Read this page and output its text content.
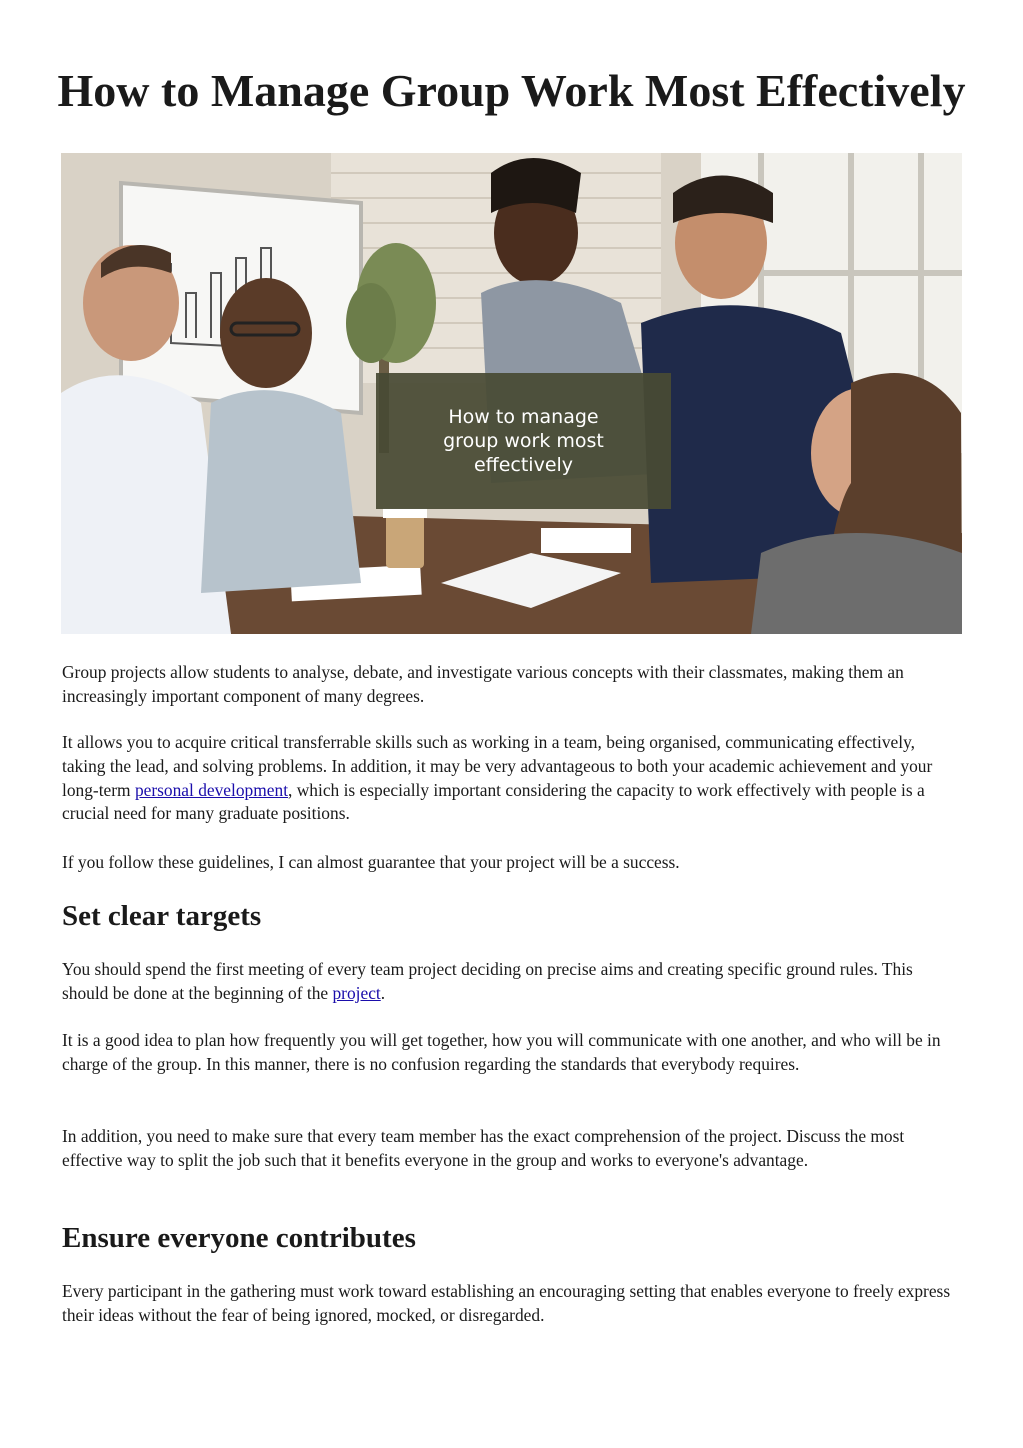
How to Manage Group Work Most Effectively
How to manage group work most effectively

Group projects allow students to analyse, debate, and investigate various concepts with their classmates, making them an increasingly important component of many degrees.

It allows you to acquire critical transferrable skills such as working in a team, being organised, communicating effectively, taking the lead, and solving problems. In addition, it may be very advantageous to both your academic achievement and your long-term personal development, which is especially important considering the capacity to work effectively with people is a crucial need for many graduate positions.

If you follow these guidelines, I can almost guarantee that your project will be a success.

Set clear targets

You should spend the first meeting of every team project deciding on precise aims and creating specific ground rules. This should be done at the beginning of the project.

It is a good idea to plan how frequently you will get together, how you will communicate with one another, and who will be in charge of the group. In this manner, there is no confusion regarding the standards that everybody requires.

In addition, you need to make sure that every team member has the exact comprehension of the project. Discuss the most effective way to split the job such that it benefits everyone in the group and works to everyone's advantage.

Ensure everyone contributes

Every participant in the gathering must work toward establishing an encouraging setting that enables everyone to freely express their ideas without the fear of being ignored, mocked, or disregarded.
